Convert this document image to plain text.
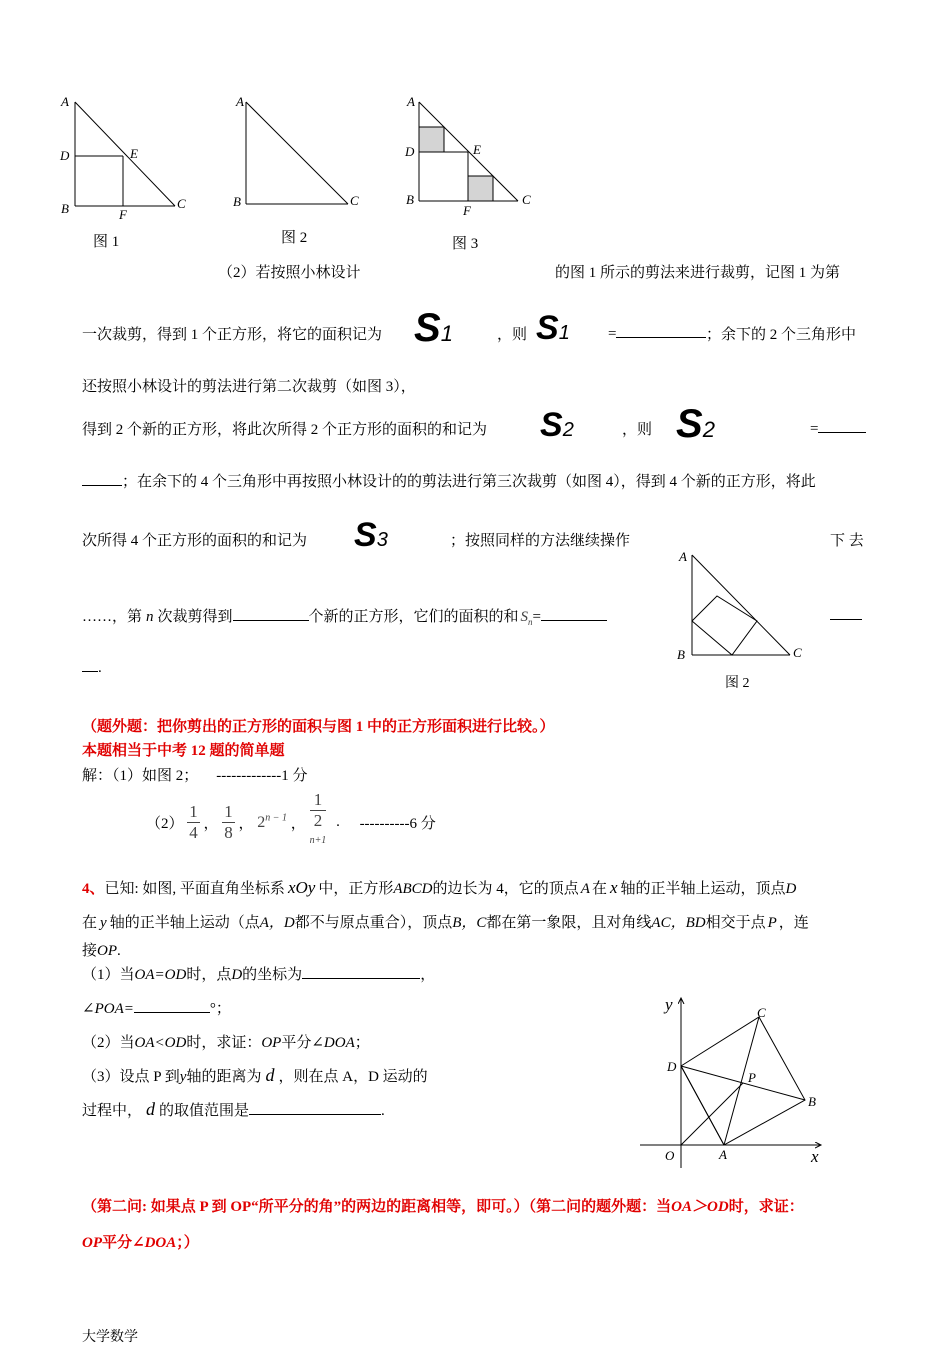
A
D	E
B	F
C
图 1
A
B	C
图 2
A
D	E
B
F
C
图 3
（2）若按照小林设计	的图 1 所示的剪法来进行裁剪，记图 1 为第
一次裁剪，得到 1 个正方形，将它的面积记为 S1	，则 S1	=	；余下的 2 个三角形中
还按照小林设计的剪法进行第二次裁剪（如图 3），
得到 2 个新的正方形，将此次所得 2 个正方形的面积的和记为 S2	，则 S2	=
；在余下的 4 个三角形中再按照小林设计的的剪法进行第三次裁剪（如图 4），得到 4 个新的正方形，将此
次所得 4 个正方形的面积的和记为 S3	；按照同样的方法继续操作	下 去
……，第 n 次裁剪得到	个新的正方形，它们的面积的和 $S_n=$
.
A
B	C
图 2
（题外题：把你剪出的正方形的面积与图 1 中的正方形面积进行比较。）
本题相当于中考 12 题的简单题
解：（1）如图 2； -------------1 分
$(2) \frac{1}{4}$ ， $\frac{1}{8}$ ， $2^{n - 1}$ ， 1
2
$^{n+1}$ . ----------6 分
4、已知: 如图, 平面直角坐标系 xOy 中，正方形ABCD的边长为 4，它的顶点 A 在 x 轴的正半轴上运动，顶点D
在 y 轴的正半轴上运动（点A，D都不与原点重合），顶点B，C都在第一象限，且对角线AC，BD相交于点 P ，连
接OP.
（1）当OA=OD时，点D的坐标为	，
∠POA=	°；
（2）当OA<OD时，求证：OP平分∠DOA；
（3）设点 P 到y轴的距离为 d ，则在点 A，D 运动的
过程中， d 的取值范围是	.
y
x
O	A
B
C
D
P
（第二问: 如果点 P 到 OP“所平分的角”的两边的距离相等，即可。）（第二问的题外题：当OA＞OD时，求证：
OP平分∠DOA；）
大学数学
